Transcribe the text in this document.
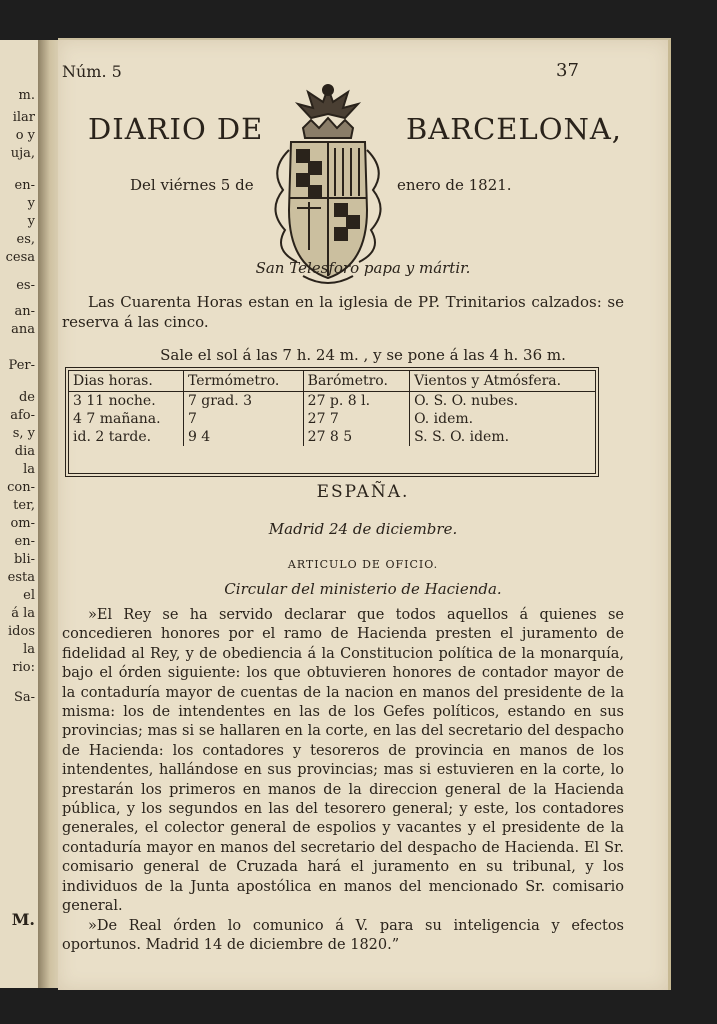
m.
ilar
o y
uja,
en-
y
y
es,
cesa
es-
an-
ana
Per-
de
afo-
s, y
dia
la
con-
ter,
om-
en-
bli-
esta
el
á la
idos
la
rio:
Sa-
M.
Núm. 5	37
DIARIO DE	BARCELONA,
Del viérnes 5 de	enero de 1821.
San Telesforo papa y mártir.
Las Cuarenta Horas estan en la iglesia de PP. Trinitarios calzados: se reserva á las cinco.
Sale el sol á las 7 h. 24 m. , y se pone á las 4 h. 36 m.
Dias horas.	Termómetro.	Barómetro.	Vientos y Atmósfera.
3 11 noche.	7 grad. 3	27 p. 8 l.	O. S. O. nubes.
4 7 mañana.	7	27 7	O. idem.
id. 2 tarde.	9 4	27 8 5	S. S. O. idem.
ESPAÑA.
Madrid 24 de diciembre.
ARTICULO DE OFICIO.
Circular del ministerio de Hacienda.

»El Rey se ha servido declarar que todos aquellos á quienes se concedieren honores por el ramo de Hacienda presten el juramento de fidelidad al Rey, y de obediencia á la Constitucion política de la monarquía, bajo el órden siguiente: los que obtuvieren honores de contador mayor de la contaduría mayor de cuentas de la nacion en manos del presidente de la misma: los de intendentes en las de los Gefes políticos, estando en sus provincias; mas si se hallaren en la corte, en las del secretario del despacho de Hacienda: los contadores y tesoreros de provincia en manos de los intendentes, hallándose en sus provincias; mas si estuvieren en la corte, lo prestarán los primeros en manos de la direccion general de la Hacienda pública, y los segundos en las del tesorero general; y este, los contadores generales, el colector general de espolios y vacantes y el presidente de la contaduría mayor en manos del secretario del despacho de Hacienda. El Sr. comisario general de Cruzada hará el juramento en su tribunal, y los individuos de la Junta apostólica en manos del mencionado Sr. comisario general.

»De Real órden lo comunico á V. para su inteligencia y efectos oportunos. Madrid 14 de diciembre de 1820.”
